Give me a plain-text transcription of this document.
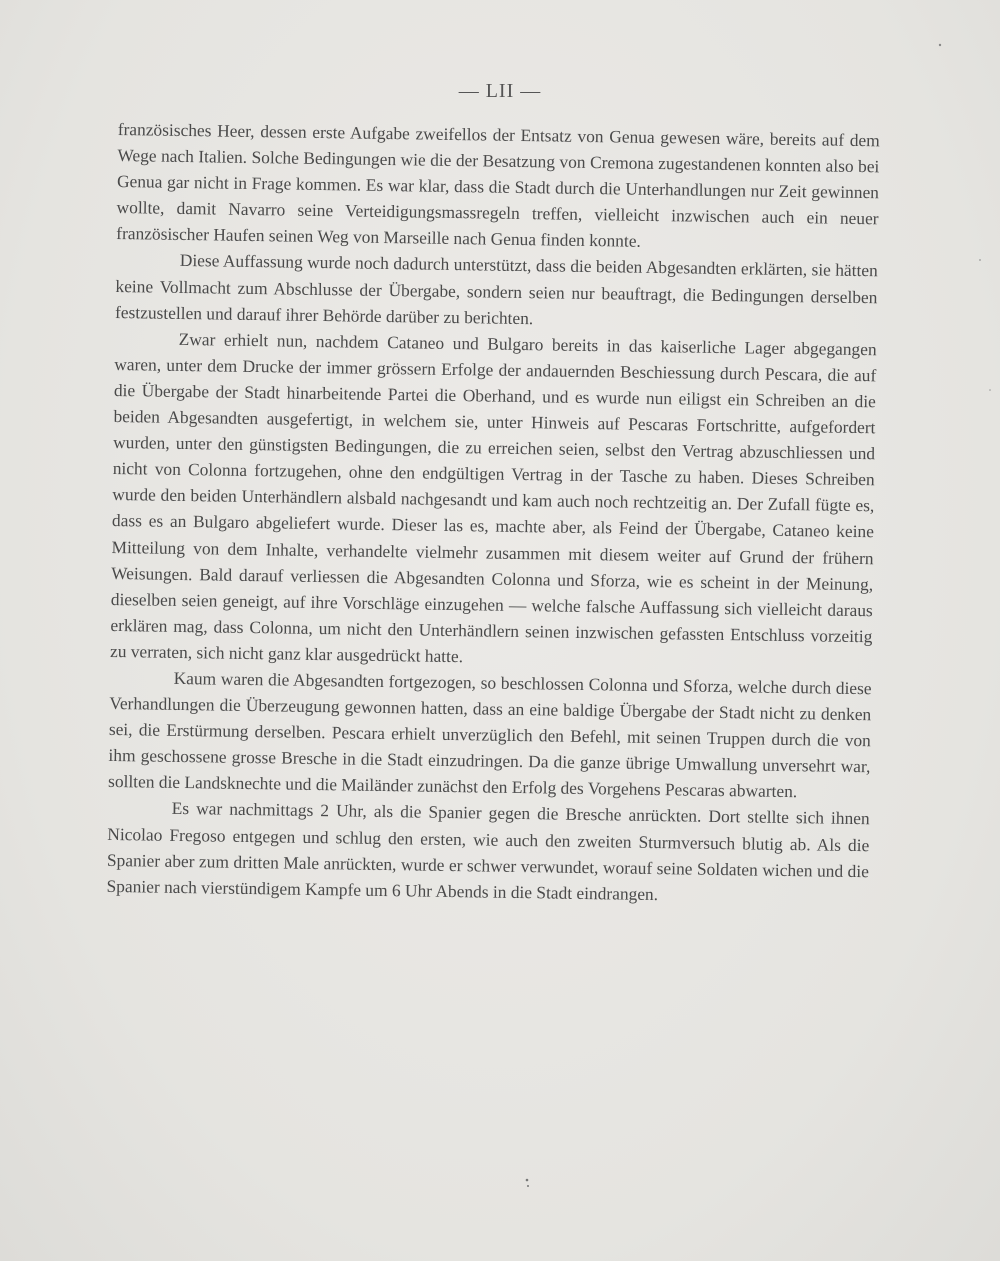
— LII —

französisches Heer, dessen erste Aufgabe zweifellos der Entsatz von Genua gewesen wäre, bereits auf dem Wege nach Italien. Solche Bedingungen wie die der Besatzung von Cremona zugestandenen konnten also bei Genua gar nicht in Frage kommen. Es war klar, dass die Stadt durch die Unterhandlungen nur Zeit gewinnen wollte, damit Navarro seine Verteidigungsmassregeln treffen, vielleicht inzwischen auch ein neuer französischer Haufen seinen Weg von Marseille nach Genua finden konnte.

Diese Auffassung wurde noch dadurch unterstützt, dass die beiden Abgesandten erklärten, sie hätten keine Vollmacht zum Abschlusse der Übergabe, sondern seien nur beauftragt, die Bedingungen derselben festzustellen und darauf ihrer Behörde darüber zu berichten.

Zwar erhielt nun, nachdem Cataneo und Bulgaro bereits in das kaiserliche Lager abgegangen waren, unter dem Drucke der immer grössern Erfolge der andauernden Beschiessung durch Pescara, die auf die Übergabe der Stadt hinarbeitende Partei die Oberhand, und es wurde nun eiligst ein Schreiben an die beiden Abgesandten ausgefertigt, in welchem sie, unter Hinweis auf Pescaras Fortschritte, aufgefordert wurden, unter den günstigsten Bedingungen, die zu erreichen seien, selbst den Vertrag abzuschliessen und nicht von Colonna fortzugehen, ohne den endgültigen Vertrag in der Tasche zu haben. Dieses Schreiben wurde den beiden Unterhändlern alsbald nachgesandt und kam auch noch rechtzeitig an. Der Zufall fügte es, dass es an Bulgaro abgeliefert wurde. Dieser las es, machte aber, als Feind der Übergabe, Cataneo keine Mitteilung von dem Inhalte, verhandelte vielmehr zusammen mit diesem weiter auf Grund der frühern Weisungen. Bald darauf verliessen die Abgesandten Colonna und Sforza, wie es scheint in der Meinung, dieselben seien geneigt, auf ihre Vorschläge einzugehen — welche falsche Auffassung sich vielleicht daraus erklären mag, dass Colonna, um nicht den Unterhändlern seinen inzwischen gefassten Entschluss vorzeitig zu verraten, sich nicht ganz klar ausgedrückt hatte.

Kaum waren die Abgesandten fortgezogen, so beschlossen Colonna und Sforza, welche durch diese Verhandlungen die Überzeugung gewonnen hatten, dass an eine baldige Übergabe der Stadt nicht zu denken sei, die Erstürmung derselben. Pescara erhielt unverzüglich den Befehl, mit seinen Truppen durch die von ihm geschossene grosse Bresche in die Stadt einzudringen. Da die ganze übrige Umwallung unversehrt war, sollten die Landsknechte und die Mailänder zunächst den Erfolg des Vorgehens Pescaras abwarten.

Es war nachmittags 2 Uhr, als die Spanier gegen die Bresche anrückten. Dort stellte sich ihnen Nicolao Fregoso entgegen und schlug den ersten, wie auch den zweiten Sturmversuch blutig ab. Als die Spanier aber zum dritten Male anrückten, wurde er schwer verwundet, worauf seine Soldaten wichen und die Spanier nach vierstündigem Kampfe um 6 Uhr Abends in die Stadt eindrangen.
